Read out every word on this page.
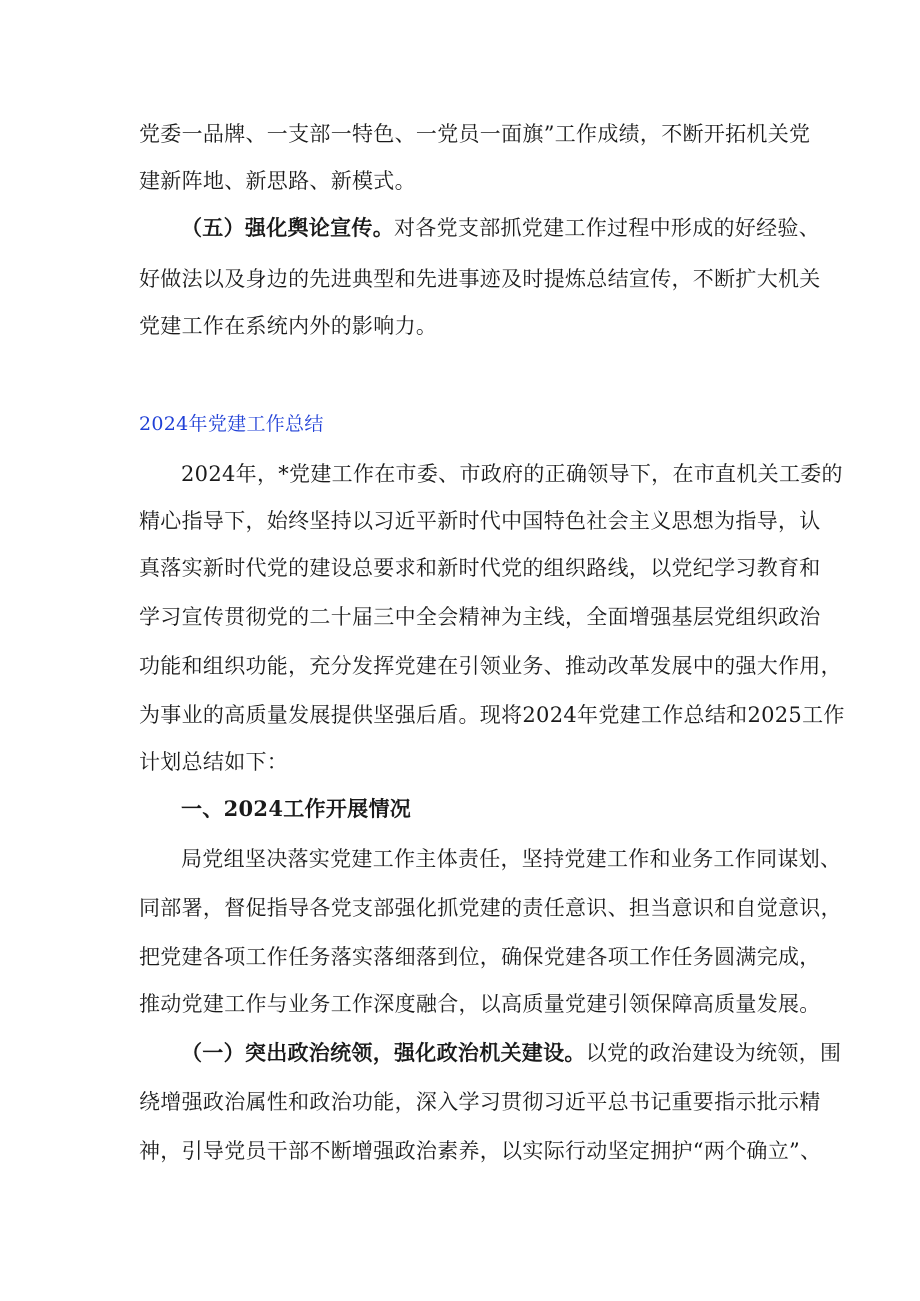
党委一品牌、一支部一特色、一党员一面旗”工作成绩，不断开拓机关党
建新阵地、新思路、新模式。
（五）强化舆论宣传。对各党支部抓党建工作过程中形成的好经验、
好做法以及身边的先进典型和先进事迹及时提炼总结宣传，不断扩大机关
党建工作在系统内外的影响力。
2024年党建工作总结
2024年，*党建工作在市委、市政府的正确领导下，在市直机关工委的
精心指导下，始终坚持以习近平新时代中国特色社会主义思想为指导，认
真落实新时代党的建设总要求和新时代党的组织路线，以党纪学习教育和
学习宣传贯彻党的二十届三中全会精神为主线，全面增强基层党组织政治
功能和组织功能，充分发挥党建在引领业务、推动改革发展中的强大作用，
为事业的高质量发展提供坚强后盾。现将2024年党建工作总结和2025工作
计划总结如下：
一、2024工作开展情况
局党组坚决落实党建工作主体责任，坚持党建工作和业务工作同谋划、
同部署，督促指导各党支部强化抓党建的责任意识、担当意识和自觉意识，
把党建各项工作任务落实落细落到位，确保党建各项工作任务圆满完成，
推动党建工作与业务工作深度融合，以高质量党建引领保障高质量发展。
（一）突出政治统领，强化政治机关建设。以党的政治建设为统领，围
绕增强政治属性和政治功能，深入学习贯彻习近平总书记重要指示批示精
神，引导党员干部不断增强政治素养，以实际行动坚定拥护“两个确立”、
